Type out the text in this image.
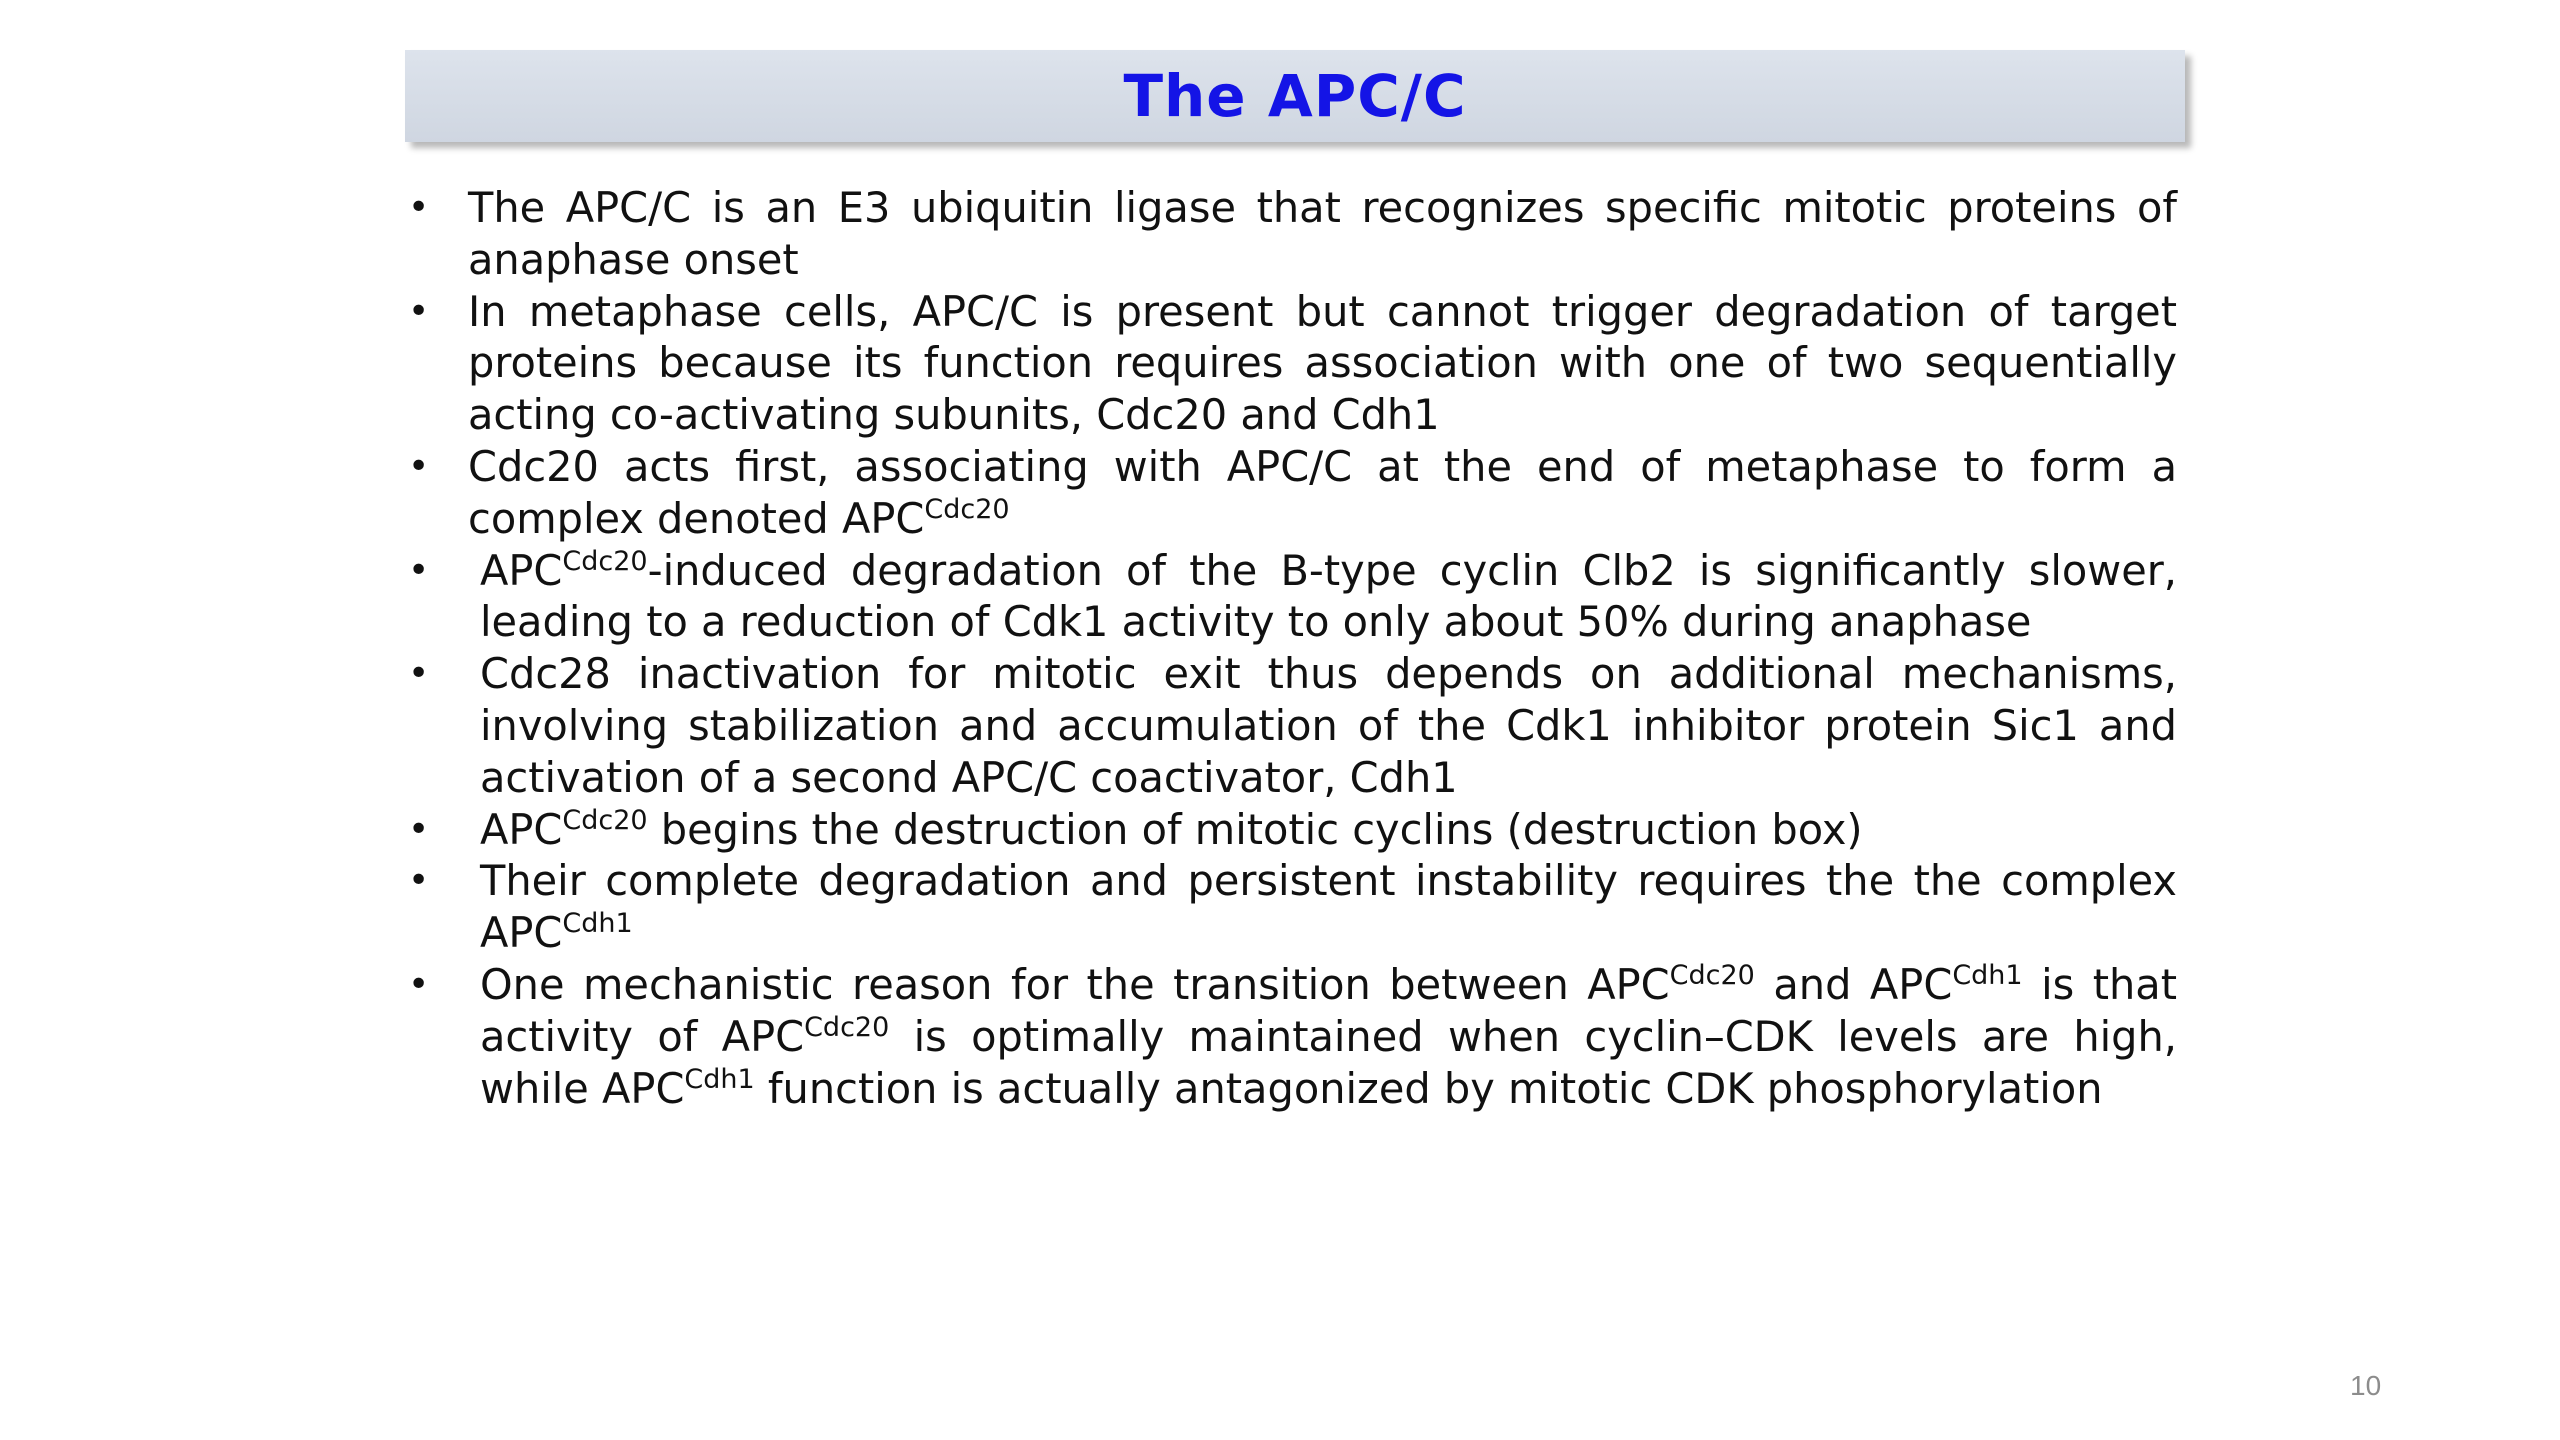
The APC/C
• The APC/C is an E3 ubiquitin ligase that recognizes specific mitotic proteins of anaphase onset
• In metaphase cells, APC/C is present but cannot trigger degradation of target proteins because its function requires association with one of two sequentially acting co-activating subunits, Cdc20 and Cdh1
• Cdc20 acts first, associating with APC/C at the end of metaphase to form a complex denoted $APC^{Cdc20}$
• $APC^{Cdc20}$-induced degradation of the B-type cyclin Clb2 is significantly slower, leading to a reduction of Cdk1 activity to only about 50% during anaphase
• Cdc28 inactivation for mitotic exit thus depends on additional mechanisms, involving stabilization and accumulation of the Cdk1 inhibitor protein Sic1 and activation of a second APC/C coactivator, Cdh1
• $APC^{Cdc20}$ begins the destruction of mitotic cyclins (destruction box)
• Their complete degradation and persistent instability requires the the complex $APC^{Cdh1}$
• One mechanistic reason for the transition between $APC^{Cdc20}$ and $APC^{Cdh1}$ is that activity of $APC^{Cdc20}$ is optimally maintained when cyclin–CDK levels are high, while $APC^{Cdh1}$ function is actually antagonized by mitotic CDK phosphorylation
10
